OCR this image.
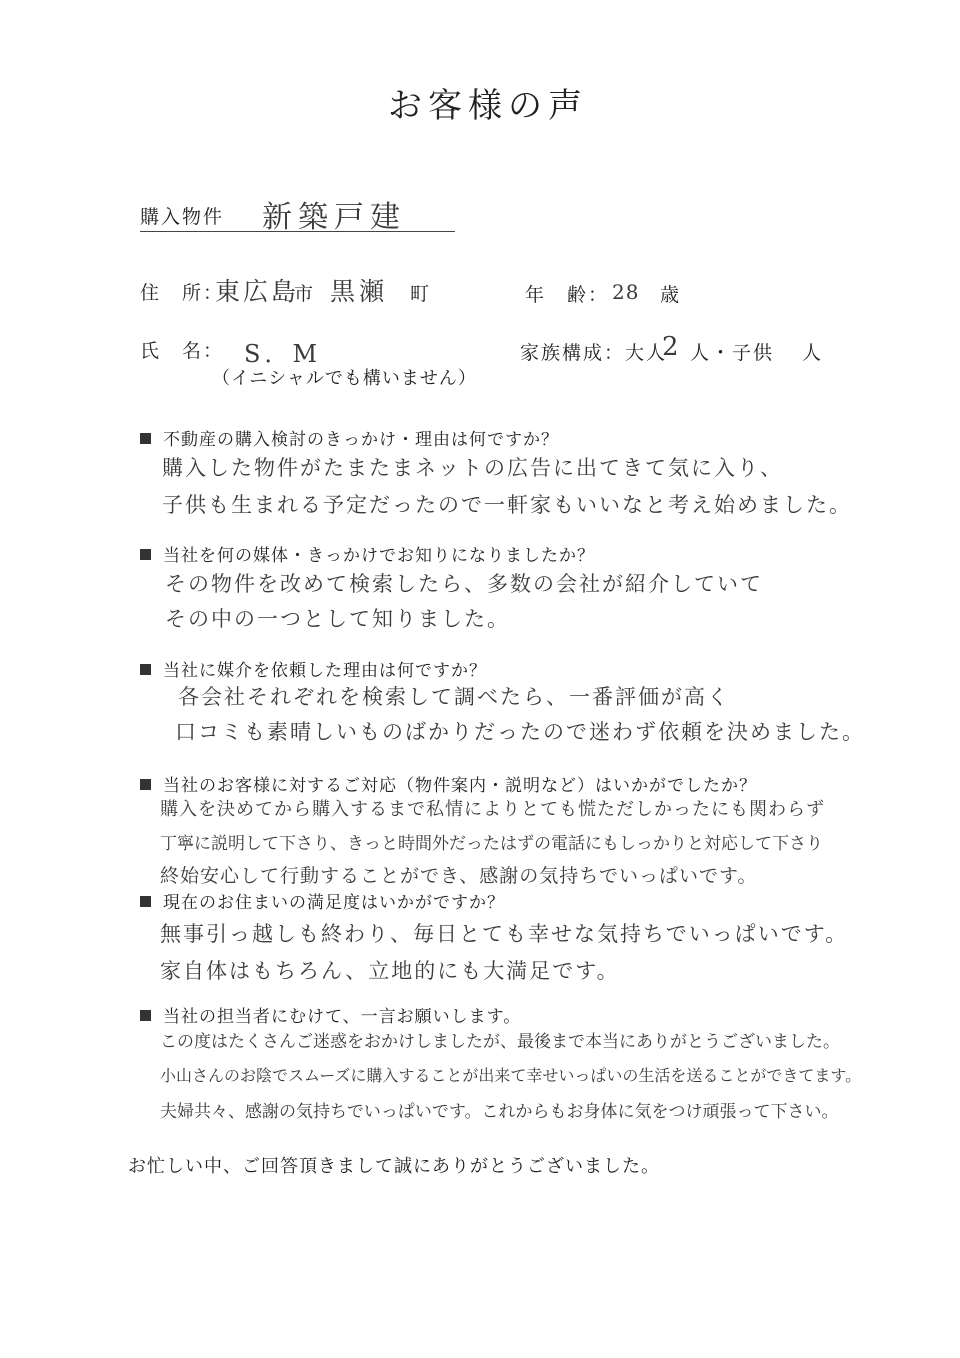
お客様の声
購入物件 新築戸建
住　所：
東広島
市 黒瀬 町	年　齢： 28 歳
氏　名： S．M
（イニシャルでも構いません）
家族構成：大人
2 人・子供 人
不動産の購入検討のきっかけ・理由は何ですか？
購入した物件がたまたまネットの広告に出てきて気に入り、
子供も生まれる予定だったので一軒家もいいなと考え始めました。
当社を何の媒体・きっかけでお知りになりましたか？
その物件を改めて検索したら、多数の会社が紹介していて
その中の一つとして知りました。
当社に媒介を依頼した理由は何ですか？
各会社それぞれを検索して調べたら、一番評価が高く
口コミも素晴しいものばかりだったので迷わず依頼を決めました。
当社のお客様に対するご対応（物件案内・説明など）はいかがでしたか？
購入を決めてから購入するまで私情によりとても慌ただしかったにも関わらず
丁寧に説明して下さり、きっと時間外だったはずの電話にもしっかりと対応して下さり
終始安心して行動することができ、感謝の気持ちでいっぱいです。
現在のお住まいの満足度はいかがですか？
無事引っ越しも終わり、毎日とても幸せな気持ちでいっぱいです。
家自体はもちろん、立地的にも大満足です。
当社の担当者にむけて、一言お願いします。
この度はたくさんご迷惑をおかけしましたが、最後まで本当にありがとうございました。
小山さんのお陰でスムーズに購入することが出来て幸せいっぱいの生活を送ることができてます。
夫婦共々、感謝の気持ちでいっぱいです。これからもお身体に気をつけ頑張って下さい。
お忙しい中、ご回答頂きまして誠にありがとうございました。
